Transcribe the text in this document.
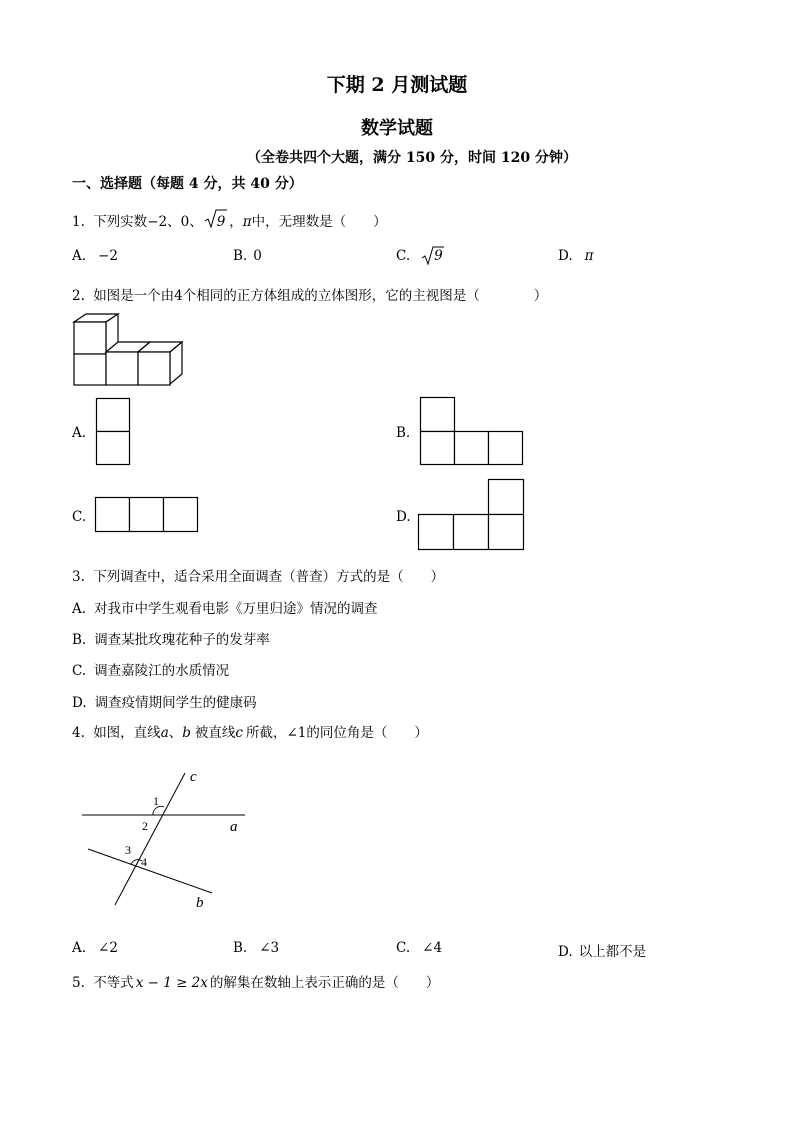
下期 2 月测试题
数学试题
（全卷共四个大题，满分 150 分，时间 120 分钟）
一、选择题（每题 4 分，共 40 分）
1. 下列实数−2、0、 9 ，π中，无理数是（　　）
A. −2	B. 0	C. 9	D. π
2. 如图是一个由4个相同的正方体组成的立体图形，它的主视图是（　　　　）
A.	B.
C.	D.
3. 下列调查中，适合采用全面调查（普查）方式的是（　　）
A. 对我市中学生观看电影《万里归途》情况的调查
B. 调查某批玫瑰花种子的发芽率
C. 调查嘉陵江的水质情况
D. 调查疫情期间学生的健康码
4. 如图，直线a、b 被直线c 所截，∠1的同位角是（　　）
c
a
b
1
2
3
4
A. ∠2	B. ∠3	C. ∠4	D. 以上都不是
5. 不等式 x − 1 ≥ 2x 的解集在数轴上表示正确的是（　　）
